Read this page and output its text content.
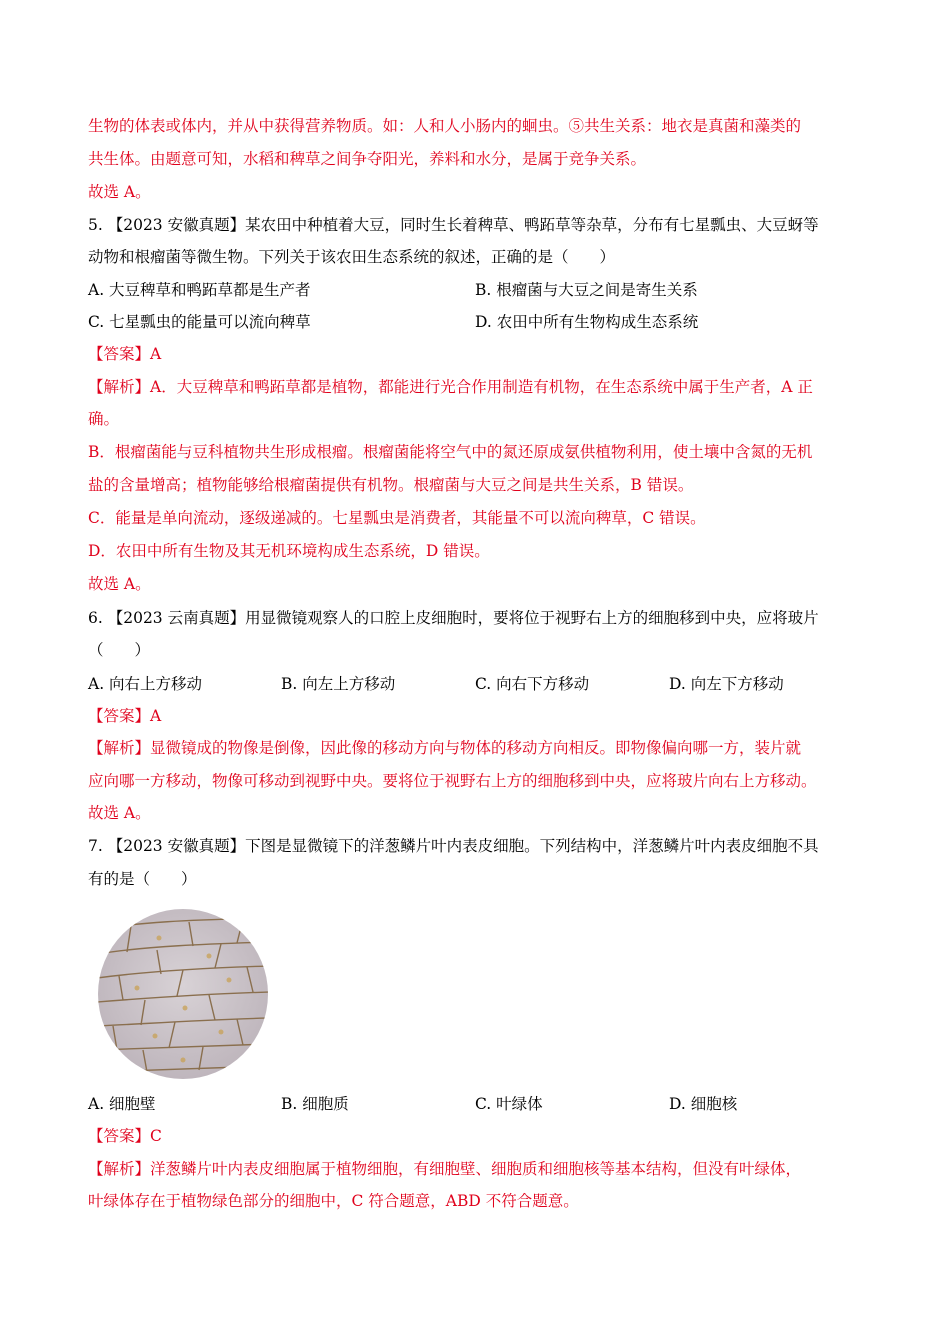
生物的体表或体内，并从中获得营养物质。如：人和人小肠内的蛔虫。⑤共生关系：地衣是真菌和藻类的
共生体。由题意可知，水稻和稗草之间争夺阳光，养料和水分，是属于竞争关系。
故选 A。
5. 【2023 安徽真题】某农田中种植着大豆，同时生长着稗草、鸭跖草等杂草，分布有七星瓢虫、大豆蚜等
动物和根瘤菌等微生物。下列关于该农田生态系统的叙述，正确的是（　　）
A. 大豆稗草和鸭跖草都是生产者	B. 根瘤菌与大豆之间是寄生关系
C. 七星瓢虫的能量可以流向稗草	D. 农田中所有生物构成生态系统
【答案】A
【解析】A．大豆稗草和鸭跖草都是植物，都能进行光合作用制造有机物，在生态系统中属于生产者，A 正
确。
B．根瘤菌能与豆科植物共生形成根瘤。根瘤菌能将空气中的氮还原成氨供植物利用，使土壤中含氮的无机
盐的含量增高；植物能够给根瘤菌提供有机物。根瘤菌与大豆之间是共生关系，B 错误。
C．能量是单向流动，逐级递减的。七星瓢虫是消费者，其能量不可以流向稗草，C 错误。
D．农田中所有生物及其无机环境构成生态系统，D 错误。
故选 A。
6. 【2023 云南真题】用显微镜观察人的口腔上皮细胞时，要将位于视野右上方的细胞移到中央，应将玻片
（　　）
A. 向右上方移动	B. 向左上方移动	C. 向右下方移动	D. 向左下方移动
【答案】A
【解析】显微镜成的物像是倒像，因此像的移动方向与物体的移动方向相反。即物像偏向哪一方，装片就
应向哪一方移动，物像可移动到视野中央。要将位于视野右上方的细胞移到中央，应将玻片向右上方移动。
故选 A。
7. 【2023 安徽真题】下图是显微镜下的洋葱鳞片叶内表皮细胞。下列结构中，洋葱鳞片叶内表皮细胞不具
有的是（　　）
A. 细胞壁	B. 细胞质	C. 叶绿体	D. 细胞核
【答案】C
【解析】洋葱鳞片叶内表皮细胞属于植物细胞，有细胞壁、细胞质和细胞核等基本结构，但没有叶绿体，
叶绿体存在于植物绿色部分的细胞中，C 符合题意，ABD 不符合题意。
